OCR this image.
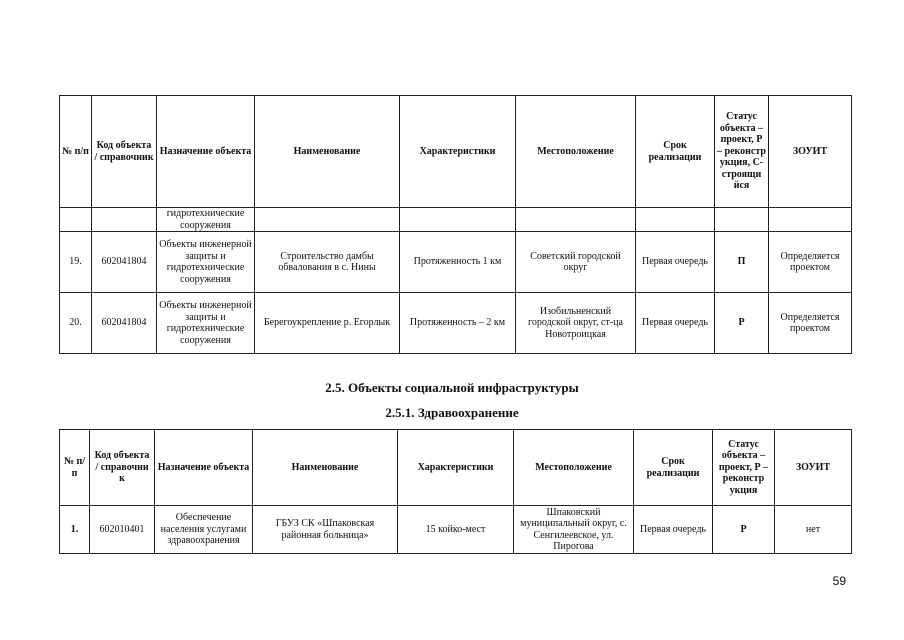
№ п/п	Код объекта / справочник	Назначение объекта	Наименование	Характеристики	Местоположение	Срок реализации	Статус объекта – проект, Р – реконстр укция, С- строящи йся	ЗОУИТ
		гидротехнические сооружения						
19.	602041804	Объекты инженерной защиты и гидротехнические сооружения	Строительство дамбы обвалования в с. Нины	Протяженность 1 км	Советский городской округ	Первая очередь	П	Определяется проектом
20.	602041804	Объекты инженерной защиты и гидротехнические сооружения	Берегоукрепление р. Егорлык	Протяженность – 2 км	Изобильненский городской округ, ст-ца Новотроицкая	Первая очередь	Р	Определяется проектом
2.5. Объекты социальной инфраструктуры
2.5.1. Здравоохранение
№ п/п	Код объекта / справочни к	Назначение объекта	Наименование	Характеристики	Местоположение	Срок реализации	Статус объекта – проект, Р – реконстр укция	ЗОУИТ
1.	602010401	Обеспечение населения услугами здравоохранения	ГБУЗ СК «Шпаковская районная больница»	15 койко-мест	Шпаковский муниципальный округ, с. Сенгилеевское, ул. Пирогова	Первая очередь	Р	нет
59
